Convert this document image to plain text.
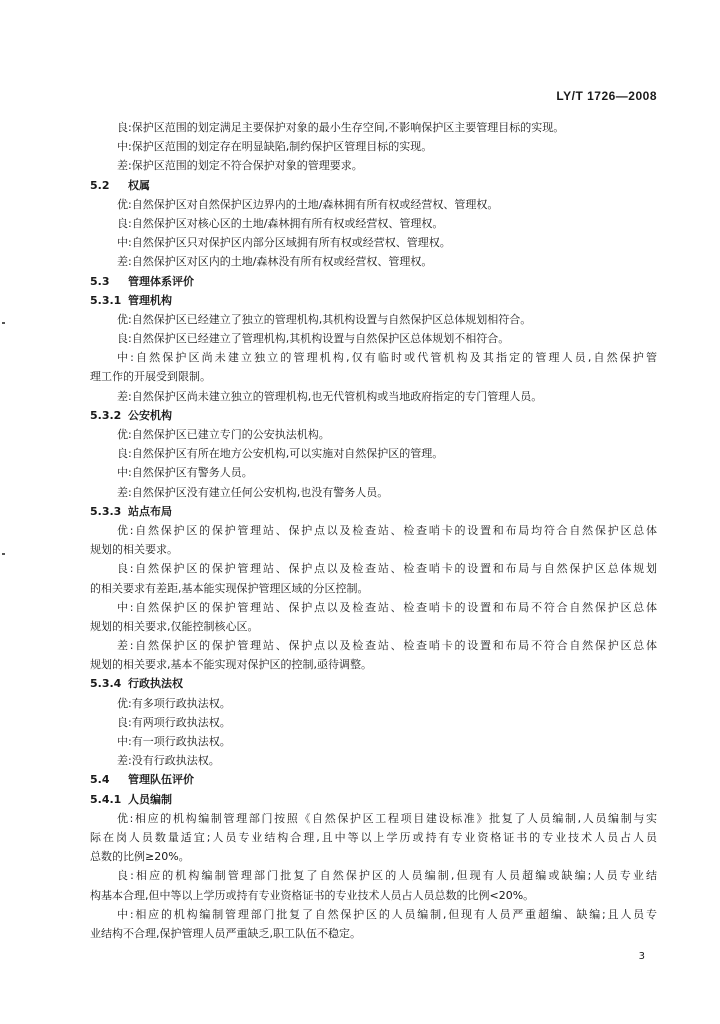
LY/T 1726—2008
良:保护区范围的划定满足主要保护对象的最小生存空间,不影响保护区主要管理目标的实现。
中:保护区范围的划定存在明显缺陷,制约保护区管理目标的实现。
差:保护区范围的划定不符合保护对象的管理要求。
5.2 权属
优:自然保护区对自然保护区边界内的土地/森林拥有所有权或经营权、管理权。
良:自然保护区对核心区的土地/森林拥有所有权或经营权、管理权。
中:自然保护区只对保护区内部分区域拥有所有权或经营权、管理权。
差:自然保护区对区内的土地/森林没有所有权或经营权、管理权。
5.3 管理体系评价
5.3.1 管理机构
优:自然保护区已经建立了独立的管理机构,其机构设置与自然保护区总体规划相符合。
良:自然保护区已经建立了管理机构,其机构设置与自然保护区总体规划不相符合。
中:自然保护区尚未建立独立的管理机构,仅有临时或代管机构及其指定的管理人员,自然保护管
理工作的开展受到限制。
差:自然保护区尚未建立独立的管理机构,也无代管机构或当地政府指定的专门管理人员。
5.3.2 公安机构
优:自然保护区已建立专门的公安执法机构。
良:自然保护区有所在地方公安机构,可以实施对自然保护区的管理。
中:自然保护区有警务人员。
差:自然保护区没有建立任何公安机构,也没有警务人员。
5.3.3 站点布局
优:自然保护区的保护管理站、保护点以及检查站、检查哨卡的设置和布局均符合自然保护区总体
规划的相关要求。
良:自然保护区的保护管理站、保护点以及检查站、检查哨卡的设置和布局与自然保护区总体规划
的相关要求有差距,基本能实现保护管理区域的分区控制。
中:自然保护区的保护管理站、保护点以及检查站、检查哨卡的设置和布局不符合自然保护区总体
规划的相关要求,仅能控制核心区。
差:自然保护区的保护管理站、保护点以及检查站、检查哨卡的设置和布局不符合自然保护区总体
规划的相关要求,基本不能实现对保护区的控制,亟待调整。
5.3.4 行政执法权
优:有多项行政执法权。
良:有两项行政执法权。
中:有一项行政执法权。
差:没有行政执法权。
5.4 管理队伍评价
5.4.1 人员编制
优:相应的机构编制管理部门按照《自然保护区工程项目建设标准》批复了人员编制,人员编制与实
际在岗人员数量适宜;人员专业结构合理,且中等以上学历或持有专业资格证书的专业技术人员占人员
总数的比例≥20%。
良:相应的机构编制管理部门批复了自然保护区的人员编制,但现有人员超编或缺编;人员专业结
构基本合理,但中等以上学历或持有专业资格证书的专业技术人员占人员总数的比例<20%。
中:相应的机构编制管理部门批复了自然保护区的人员编制,但现有人员严重超编、缺编;且人员专
业结构不合理,保护管理人员严重缺乏,职工队伍不稳定。
3
